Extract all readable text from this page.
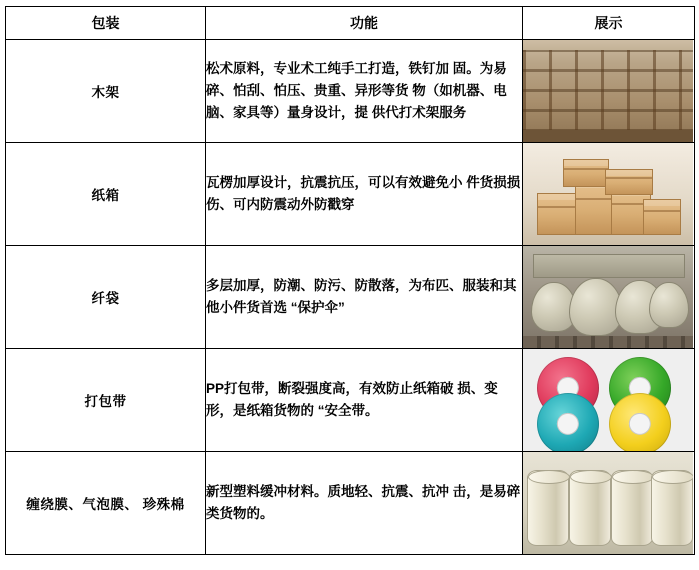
包装	功能	展示
木架	松术原料，专业术工纯手工打造，铁钉加 固。为易碎、怕刮、怕压、贵重、异形等货 物（如机器、电脑、家具等）量身设计，提 供代打术架服务	

纸箱	瓦楞加厚设计，抗震抗压，可以有效避免小 件货损损伤、可内防震动外防戳穿	

纤袋	多层加厚，防潮、防污、防散落，为布匹、服装和其他小件货首选 “保护伞”	

打包带	PP打包带，断裂强度高，有效防止纸箱破 损、变形，是纸箱货物的 “安全带。	

缠绕膜、气泡膜、 珍殊棉	新型塑料缓冲材料。质地轻、抗震、抗冲 击，是易碎类货物的。	
